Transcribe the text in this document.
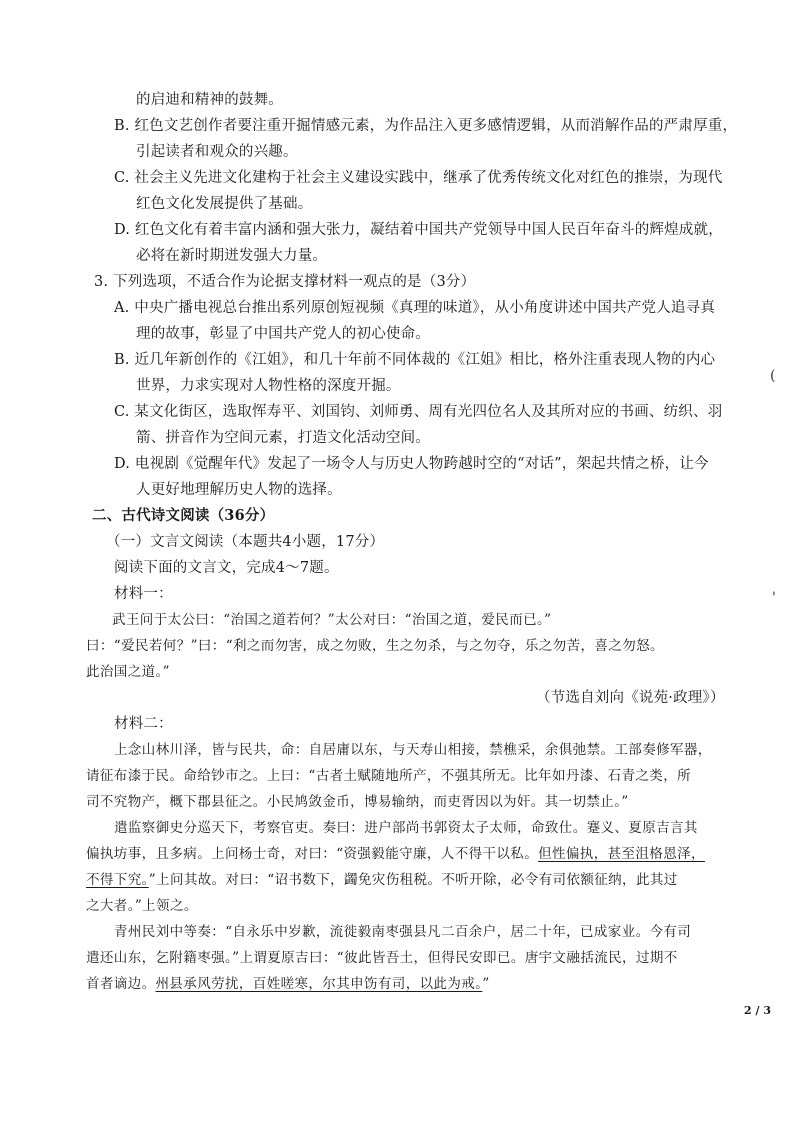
的启迪和精神的鼓舞。
B. 红色文艺创作者要注重开掘情感元素，为作品注入更多感情逻辑，从而消解作品的严肃厚重，
引起读者和观众的兴趣。
C. 社会主义先进文化建构于社会主义建设实践中，继承了优秀传统文化对红色的推崇，为现代
红色文化发展提供了基础。
D. 红色文化有着丰富内涵和强大张力，凝结着中国共产党领导中国人民百年奋斗的辉煌成就，
必将在新时期迸发强大力量。
3. 下列选项，不适合作为论据支撑材料一观点的是（3分）
A. 中央广播电视总台推出系列原创短视频《真理的味道》，从小角度讲述中国共产党人追寻真
理的故事，彰显了中国共产党人的初心使命。
B. 近几年新创作的《江姐》，和几十年前不同体裁的《江姐》相比，格外注重表现人物的内心
世界，力求实现对人物性格的深度开掘。
C. 某文化街区，选取恽寿平、刘国钧、刘师勇、周有光四位名人及其所对应的书画、纺织、羽
箭、拼音作为空间元素，打造文化活动空间。
D. 电视剧《觉醒年代》发起了一场令人与历史人物跨越时空的“对话”，架起共情之桥，让今
人更好地理解历史人物的选择。
二、古代诗文阅读（36分）
（一）文言文阅读（本题共4小题，17分）
阅读下面的文言文，完成4～7题。
材料一：
武王问于太公曰：“治国之道若何？”太公对曰：“治国之道，爱民而已。”
曰：“爱民若何？”曰：“利之而勿害，成之勿败，生之勿杀，与之勿夺，乐之勿苦，喜之勿怒。
此治国之道。”
（节选自刘向《说苑·政理》）
材料二：
上念山林川泽，皆与民共，命：自居庸以东，与天寿山相接，禁樵采，余俱弛禁。工部奏修军器，
请征布漆于民。命给钞市之。上曰：“古者土赋随地所产，不强其所无。比年如丹漆、石青之类，所
司不究物产，概下郡县征之。小民鸠敛金币，博易输纳，而吏胥因以为奸。其一切禁止。”
遣监察御史分巡天下，考察官吏。奏曰：进户部尚书郭资太子太师，命致仕。蹇义、夏原吉言其
偏执坊事，且多病。上问杨士奇，对曰：“资强毅能守廉，人不得干以私。但性偏执，甚至沮格恩泽，
不得下究。”上问其故。对曰：“诏书数下，蠲免灾伤租税。不听开除，必令有司依额征纳，此其过
之大者。”上领之。
青州民刘中等奏：“自永乐中岁歉，流徙毅南枣强县凡二百余户，居二十年，已成家业。今有司
遣还山东，乞附籍枣强。”上谓夏原吉曰：“彼此皆吾土，但得民安即已。唐宇文融括流民，过期不
首者谪边。州县承风劳扰，百姓嗟寒，尔其申饬有司，以此为戒。”
2 / 3
(
'
